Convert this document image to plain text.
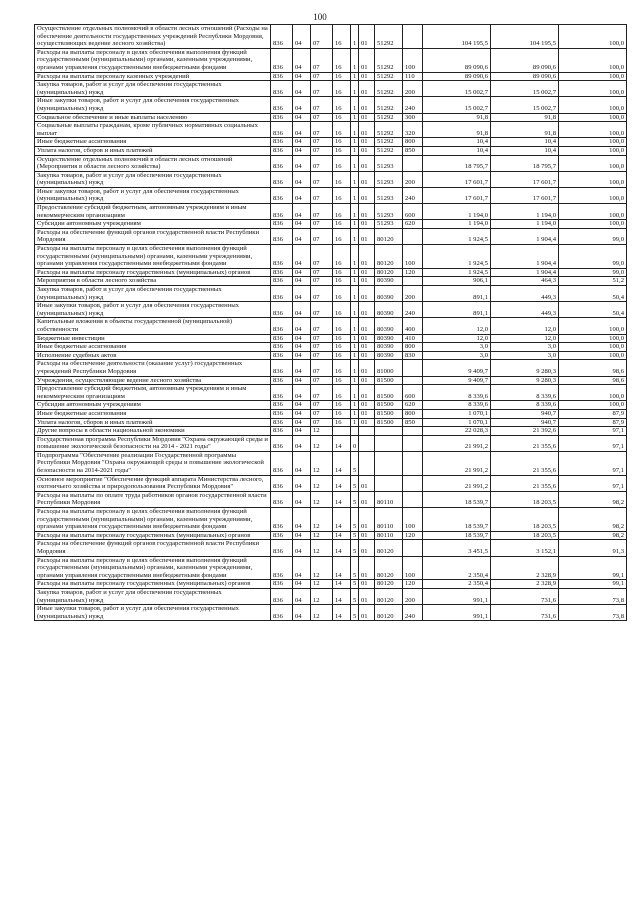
100
Осуществление отдельных полномочий в области лесных отношений (Расходы на обеспечение деятельности государственных учреждений Республики Мордовия, осуществляющих ведение лесного хозяйства)	836	04	07	16	1	01	51292		104 195,5	104 195,5	100,0
Расходы на выплаты персоналу в целях обеспечения выполнения функций государственными (муниципальными) органами, казенными учреждениями, органами управления государственными внебюджетными фондами	836	04	07	16	1	01	51292	100	89 090,6	89 090,6	100,0
Расходы на выплаты персоналу казенных учреждений	836	04	07	16	1	01	51292	110	89 090,6	89 090,6	100,0
Закупка товаров, работ и услуг для обеспечения государственных (муниципальных) нужд	836	04	07	16	1	01	51292	200	15 002,7	15 002,7	100,0
Иные закупки товаров, работ и услуг для обеспечения государственных (муниципальных) нужд	836	04	07	16	1	01	51292	240	15 002,7	15 002,7	100,0
Социальное обеспечение и иные выплаты населению	836	04	07	16	1	01	51292	300	91,8	91,8	100,0
Социальные выплаты гражданам, кроме публичных нормативных социальных выплат	836	04	07	16	1	01	51292	320	91,8	91,8	100,0
Иные бюджетные ассигнования	836	04	07	16	1	01	51292	800	10,4	10,4	100,0
Уплата налогов, сборов и иных платежей	836	04	07	16	1	01	51292	850	10,4	10,4	100,0
Осуществление отдельных полномочий в области лесных отношений (Мероприятия в области лесного хозяйства)	836	04	07	16	1	01	51293		18 795,7	18 795,7	100,0
Закупка товаров, работ и услуг для обеспечения государственных (муниципальных) нужд	836	04	07	16	1	01	51293	200	17 601,7	17 601,7	100,0
Иные закупки товаров, работ и услуг для обеспечения государственных (муниципальных) нужд	836	04	07	16	1	01	51293	240	17 601,7	17 601,7	100,0
Предоставление субсидий бюджетным, автономным учреждениям и иным некоммерческим организациям	836	04	07	16	1	01	51293	600	1 194,0	1 194,0	100,0
Субсидии автономным учреждениям	836	04	07	16	1	01	51293	620	1 194,0	1 194,0	100,0
Расходы на обеспечение функций органов государственной власти Республики Мордовия	836	04	07	16	1	01	80120		1 924,5	1 904,4	99,0
Расходы на выплаты персоналу в целях обеспечения выполнения функций государственными (муниципальными) органами, казенными учреждениями, органами управления государственными внебюджетными фондами	836	04	07	16	1	01	80120	100	1 924,5	1 904,4	99,0
Расходы на выплаты персоналу государственных (муниципальных) органов	836	04	07	16	1	01	80120	120	1 924,5	1 904,4	99,0
Мероприятия в области лесного хозяйства	836	04	07	16	1	01	80390		906,1	464,3	51,2
Закупка товаров, работ и услуг для обеспечения государственных (муниципальных) нужд	836	04	07	16	1	01	80390	200	891,1	449,3	50,4
Иные закупки товаров, работ и услуг для обеспечения государственных (муниципальных) нужд	836	04	07	16	1	01	80390	240	891,1	449,3	50,4
Капитальные вложения в объекты государственной (муниципальной) собственности	836	04	07	16	1	01	80390	400	12,0	12,0	100,0
Бюджетные инвестиции	836	04	07	16	1	01	80390	410	12,0	12,0	100,0
Иные бюджетные ассигнования	836	04	07	16	1	01	80390	800	3,0	3,0	100,0
Исполнение судебных актов	836	04	07	16	1	01	80390	830	3,0	3,0	100,0
Расходы на обеспечение деятельности (оказание услуг) государственных учреждений Республики Мордовия	836	04	07	16	1	01	81000		9 409,7	9 280,3	98,6
Учреждения, осуществляющие ведение лесного хозяйства	836	04	07	16	1	01	81500		9 409,7	9 280,3	98,6
Предоставление субсидий бюджетным, автономным учреждениям и иным некоммерческим организациям	836	04	07	16	1	01	81500	600	8 339,6	8 339,6	100,0
Субсидии автономным учреждениям	836	04	07	16	1	01	81500	620	8 339,6	8 339,6	100,0
Иные бюджетные ассигнования	836	04	07	16	1	01	81500	800	1 070,1	940,7	87,9
Уплата налогов, сборов и иных платежей	836	04	07	16	1	01	81500	850	1 070,1	940,7	87,9
Другие вопросы в области национальной экономики	836	04	12						22 028,3	21 392,6	97,1
Государственная программа Республики Мордовия "Охрана окружающей среды и повышение экологической безопасности на 2014 - 2021 годы"	836	04	12	14	0				21 991,2	21 355,6	97,1
Подпрограмма "Обеспечение реализации Государственной программы Республики Мордовия "Охрана окружающей среды и повышение экологической безопасности на 2014-2021 годы"	836	04	12	14	5				21 991,2	21 355,6	97,1
Основное мероприятие "Обеспечение функций аппарата Министерства лесного, охотничьего хозяйства и природопользования Республики Мордовия"	836	04	12	14	5	01			21 991,2	21 355,6	97,1
Расходы на выплаты по оплате труда работников органов государственной власти Республики Мордовия	836	04	12	14	5	01	80110		18 539,7	18 203,5	98,2
Расходы на выплаты персоналу в целях обеспечения выполнения функций государственными (муниципальными) органами, казенными учреждениями, органами управления государственными внебюджетными фондами	836	04	12	14	5	01	80110	100	18 539,7	18 203,5	98,2
Расходы на выплаты персоналу государственных (муниципальных) органов	836	04	12	14	5	01	80110	120	18 539,7	18 203,5	98,2
Расходы на обеспечение функций органов государственной власти Республики Мордовия	836	04	12	14	5	01	80120		3 451,5	3 152,1	91,3
Расходы на выплаты персоналу в целях обеспечения выполнения функций государственными (муниципальными) органами, казенными учреждениями, органами управления государственными внебюджетными фондами	836	04	12	14	5	01	80120	100	2 350,4	2 328,9	99,1
Расходы на выплаты персоналу государственных (муниципальных) органов	836	04	12	14	5	01	80120	120	2 350,4	2 328,9	99,1
Закупка товаров, работ и услуг для обеспечения государственных (муниципальных) нужд	836	04	12	14	5	01	80120	200	991,1	731,6	73,8
Иные закупки товаров, работ и услуг для обеспечения государственных (муниципальных) нужд	836	04	12	14	5	01	80120	240	991,1	731,6	73,8
